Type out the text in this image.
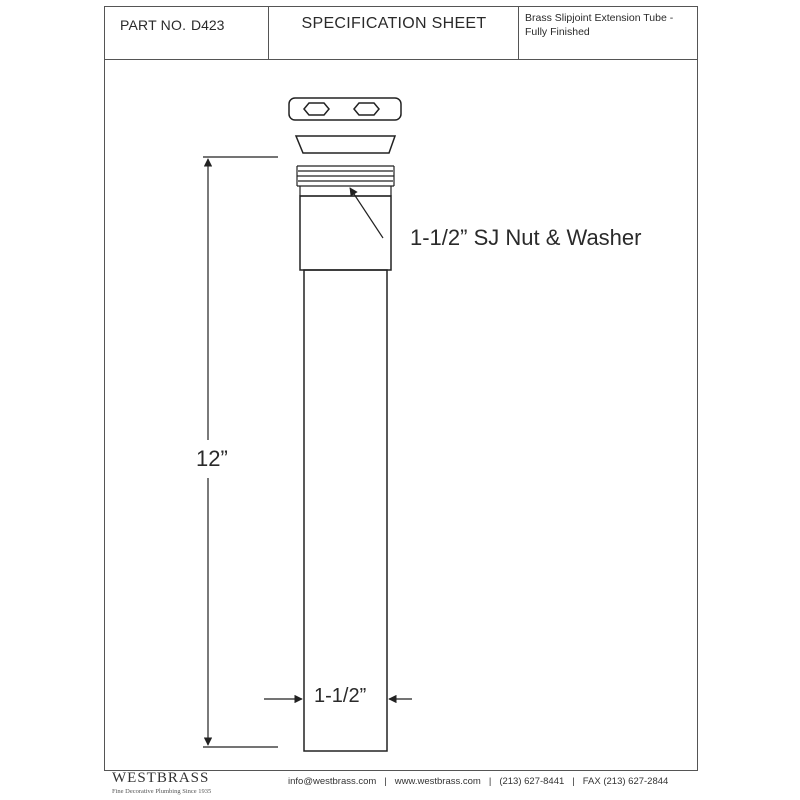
PART NO. D423	SPECIFICATION SHEET	Brass Slipjoint Extension Tube -
Fully Finished
1-1/2” SJ Nut & Washer
12”
1-1/2”
WESTBRASS
Fine Decorative Plumbing Since 1935
info@westbrass.com | www.westbrass.com | (213) 627-8441 | FAX (213) 627-2844
